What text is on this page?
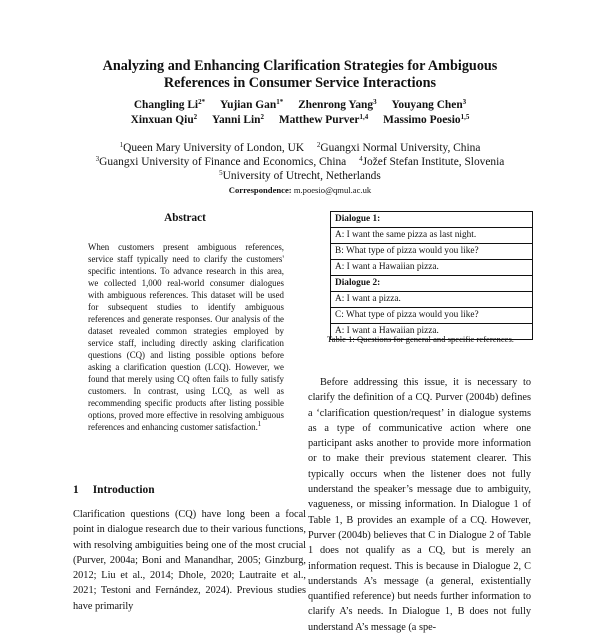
Analyzing and Enhancing Clarification Strategies for Ambiguous
References in Consumer Service Interactions
Changling $Li^{2*}$ Yujian Gan$^{1*}$ Zhenrong Yang$^3$ Youyang Chen$^3$
Xinxuan Qiu$^2$ Yanni Lin$^2$ Matthew Purver$^{1,4}$ Massimo Poesio$^{1,5}$
$^1$Queen Mary University of London, UK $^2$Guangxi Normal University, China
$^3$Guangxi University of Finance and Economics, China $^4$Jožef Stefan Institute, Slovenia
$^5$University of Utrecht, Netherlands
Correspondence: m.poesio@qmul.ac.uk
Abstract
When customers present ambiguous references, service staff typically need to clarify the customers' specific intentions. To advance research in this area, we collected 1,000 real-world consumer dialogues with ambiguous references. This dataset will be used for subsequent studies to identify ambiguous references and generate responses. Our analysis of the dataset revealed common strategies employed by service staff, including directly asking clarification questions (CQ) and listing possible options before asking a clarification question (LCQ). However, we found that merely using CQ often fails to fully satisfy customers. In contrast, using LCQ, as well as recommending specific products after listing possible options, proved more effective in resolving ambiguous references and enhancing customer satisfaction.$^1$
1 Introduction

Clarification questions (CQ) have long been a focal point in dialogue research due to their various functions, with resolving ambiguities being one of the most crucial (Purver, 2004a; Boni and Manandhar, 2005; Ginzburg, 2012; Liu et al., 2014; Dhole, 2020; Lautraite et al., 2021; Testoni and Fernández, 2024). Previous studies have primarily

Dialogue 1:
A: I want the same pizza as last night.
B: What type of pizza would you like?
A: I want a Hawaiian pizza.
Dialogue 2:
A: I want a pizza.
C: What type of pizza would you like?
A: I want a Hawaiian pizza.
Table 1: Questions for general and specific references.

Before addressing this issue, it is necessary to clarify the definition of a CQ. Purver (2004b) defines a ‘clarification question/request’ in dialogue systems as a type of communicative action where one participant asks another to provide more information or to make their previous statement clearer. This typically occurs when the listener does not fully understand the speaker’s message due to ambiguity, vagueness, or missing information. In Dialogue 1 of Table 1, B provides an example of a CQ. However, Purver (2004b) believes that C in Dialogue 2 of Table 1 does not qualify as a CQ, but is merely an information request. This is because in Dialogue 2, C understands A’s message (a general, existentially quantified reference) but needs further information to clarify A’s needs. In Dialogue 1, B does not fully understand A’s message (a spe-
